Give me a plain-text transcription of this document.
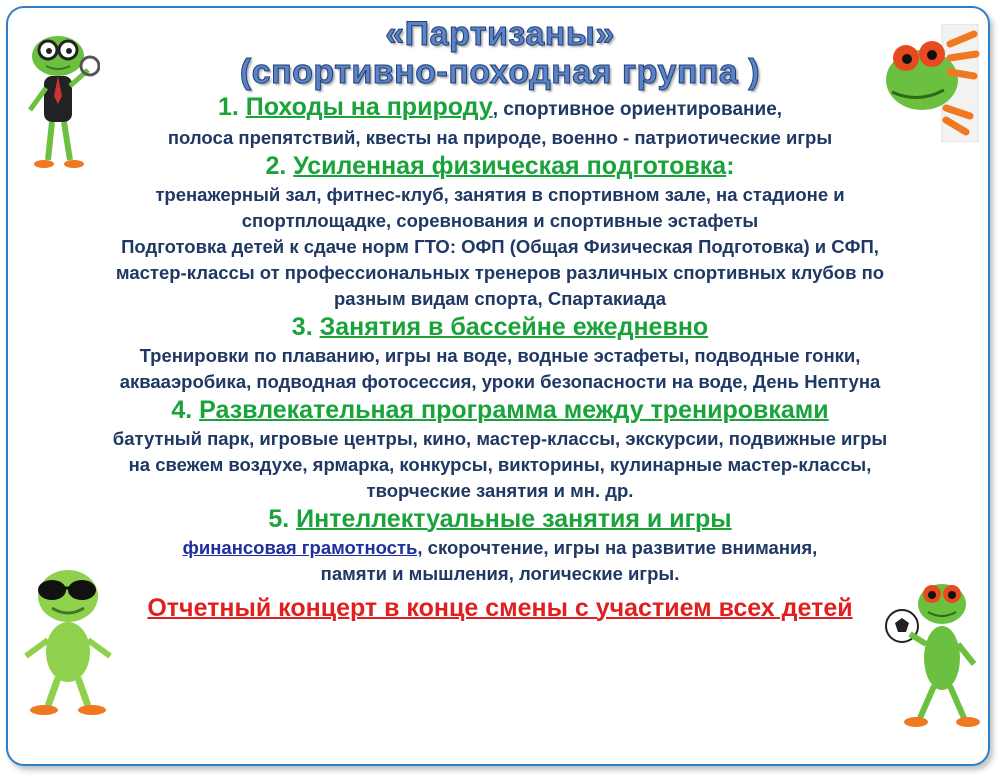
«Партизаны»
(спортивно-походная группа )
1. Походы на природу, спортивное ориентирование,
полоса препятствий, квесты на природе, военно - патриотические игры
2. Усиленная физическая подготовка:
тренажерный зал, фитнес-клуб, занятия в спортивном зале, на стадионе и
спортплощадке, соревнования и спортивные эстафеты
Подготовка детей к сдаче норм ГТО: ОФП (Общая Физическая Подготовка) и СФП,
мастер-классы от профессиональных тренеров различных спортивных клубов по
разным видам спорта, Спартакиада
3. Занятия в бассейне ежедневно
Тренировки по плаванию, игры на воде, водные эстафеты, подводные гонки,
аквааэробика, подводная фотосессия, уроки безопасности на воде, День Нептуна
4. Развлекательная программа между тренировками
батутный парк, игровые центры, кино, мастер-классы, экскурсии, подвижные игры
на свежем воздухе, ярмарка, конкурсы, викторины, кулинарные мастер-классы,
творческие занятия и мн. др.
5. Интеллектуальные занятия и игры
финансовая грамотность, скорочтение, игры на развитие внимания,
памяти и мышления, логические игры.
Отчетный концерт в конце смены с участием всех детей
